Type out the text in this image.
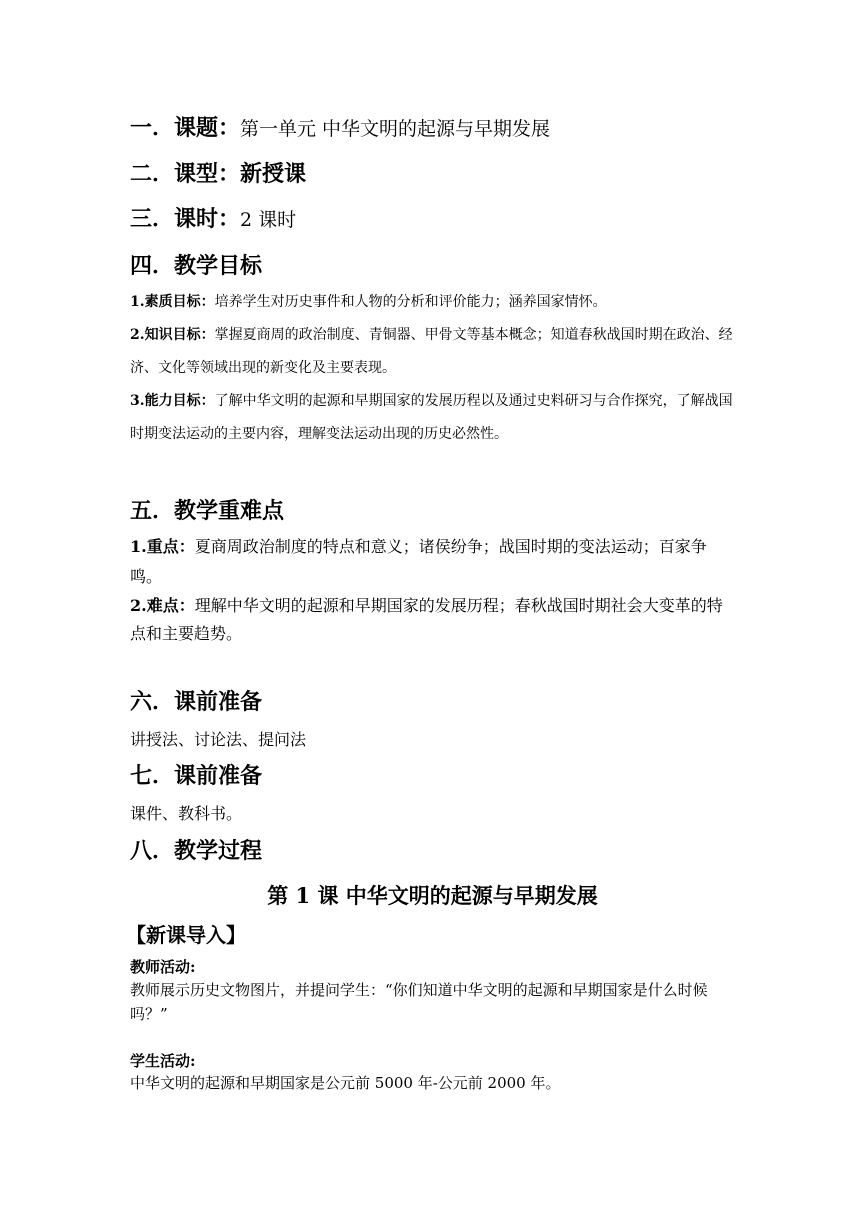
一．课题：第一单元 中华文明的起源与早期发展

二．课型：新授课

三．课时：2 课时

四．教学目标

1.素质目标：培养学生对历史事件和人物的分析和评价能力；涵养国家情怀。

2.知识目标：掌握夏商周的政治制度、青铜器、甲骨文等基本概念；知道春秋战国时期在政治、经济、文化等领域出现的新变化及主要表现。

3.能力目标：了解中华文明的起源和早期国家的发展历程以及通过史料研习与合作探究，了解战国时期变法运动的主要内容，理解变法运动出现的历史必然性。

五．教学重难点

1.重点：夏商周政治制度的特点和意义；诸侯纷争；战国时期的变法运动；百家争鸣。

2.难点：理解中华文明的起源和早期国家的发展历程；春秋战国时期社会大变革的特点和主要趋势。

六．课前准备

讲授法、讨论法、提问法

七．课前准备

课件、教科书。

八．教学过程

第 1 课 中华文明的起源与早期发展

【新课导入】

教师活动:

教师展示历史文物图片，并提问学生：“你们知道中华文明的起源和早期国家是什么时候吗？”

学生活动:

中华文明的起源和早期国家是公元前 5000 年-公元前 2000 年。
